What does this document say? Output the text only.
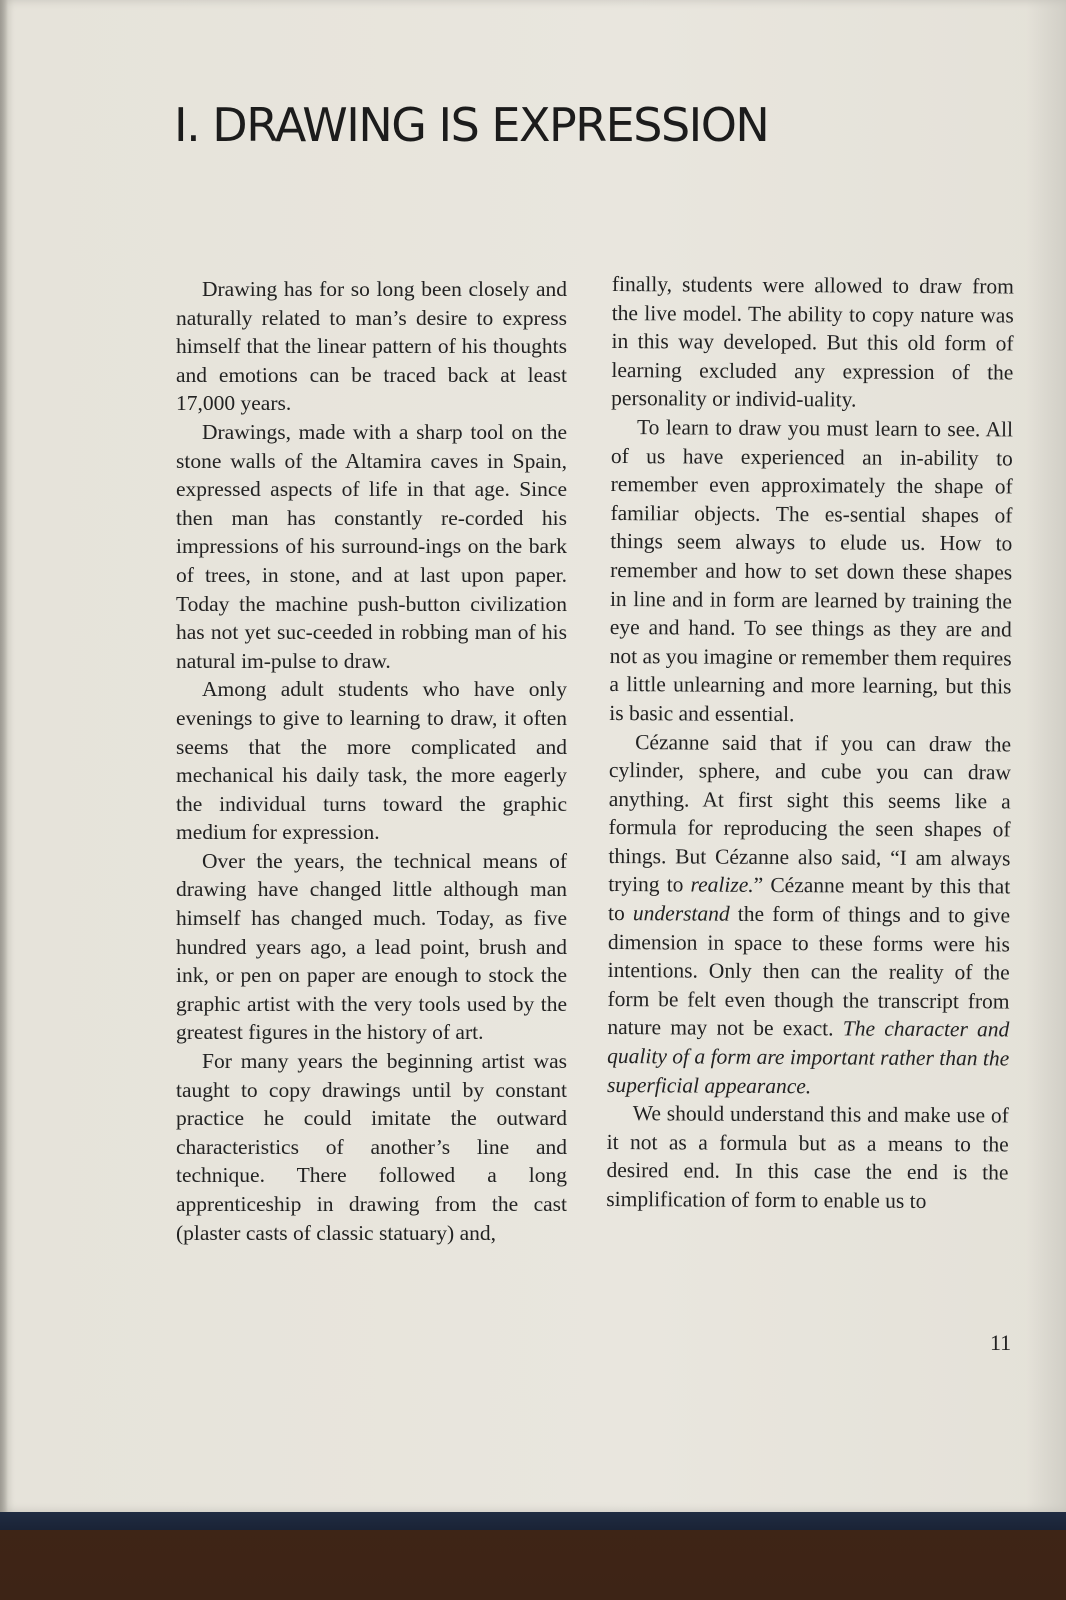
I. DRAWING IS EXPRESSION

Drawing has for so long been closely and naturally related to man’s desire to express himself that the linear pattern of his thoughts and emotions can be traced back at least 17,000 years.

Drawings, made with a sharp tool on the stone walls of the Altamira caves in Spain, expressed aspects of life in that age. Since then man has constantly re-corded his impressions of his surround-ings on the bark of trees, in stone, and at last upon paper. Today the machine push-button civilization has not yet suc-ceeded in robbing man of his natural im-pulse to draw.

Among adult students who have only evenings to give to learning to draw, it often seems that the more complicated and mechanical his daily task, the more eagerly the individual turns toward the graphic medium for expression.

Over the years, the technical means of drawing have changed little although man himself has changed much. Today, as five hundred years ago, a lead point, brush and ink, or pen on paper are enough to stock the graphic artist with the very tools used by the greatest figures in the history of art.

For many years the beginning artist was taught to copy drawings until by constant practice he could imitate the outward characteristics of another’s line and technique. There followed a long apprenticeship in drawing from the cast (plaster casts of classic statuary) and,

finally, students were allowed to draw from the live model. The ability to copy nature was in this way developed. But this old form of learning excluded any expression of the personality or individ-uality.

To learn to draw you must learn to see. All of us have experienced an in-ability to remember even approximately the shape of familiar objects. The es-sential shapes of things seem always to elude us. How to remember and how to set down these shapes in line and in form are learned by training the eye and hand. To see things as they are and not as you imagine or remember them requires a little unlearning and more learning, but this is basic and essential.

Cézanne said that if you can draw the cylinder, sphere, and cube you can draw anything. At first sight this seems like a formula for reproducing the seen shapes of things. But Cézanne also said, “I am always trying to realize.” Cézanne meant by this that to understand the form of things and to give dimension in space to these forms were his intentions. Only then can the reality of the form be felt even though the transcript from nature may not be exact. The character and quality of a form are important rather than the superficial appearance.

We should understand this and make use of it not as a formula but as a means to the desired end. In this case the end is the simplification of form to enable us to

11
